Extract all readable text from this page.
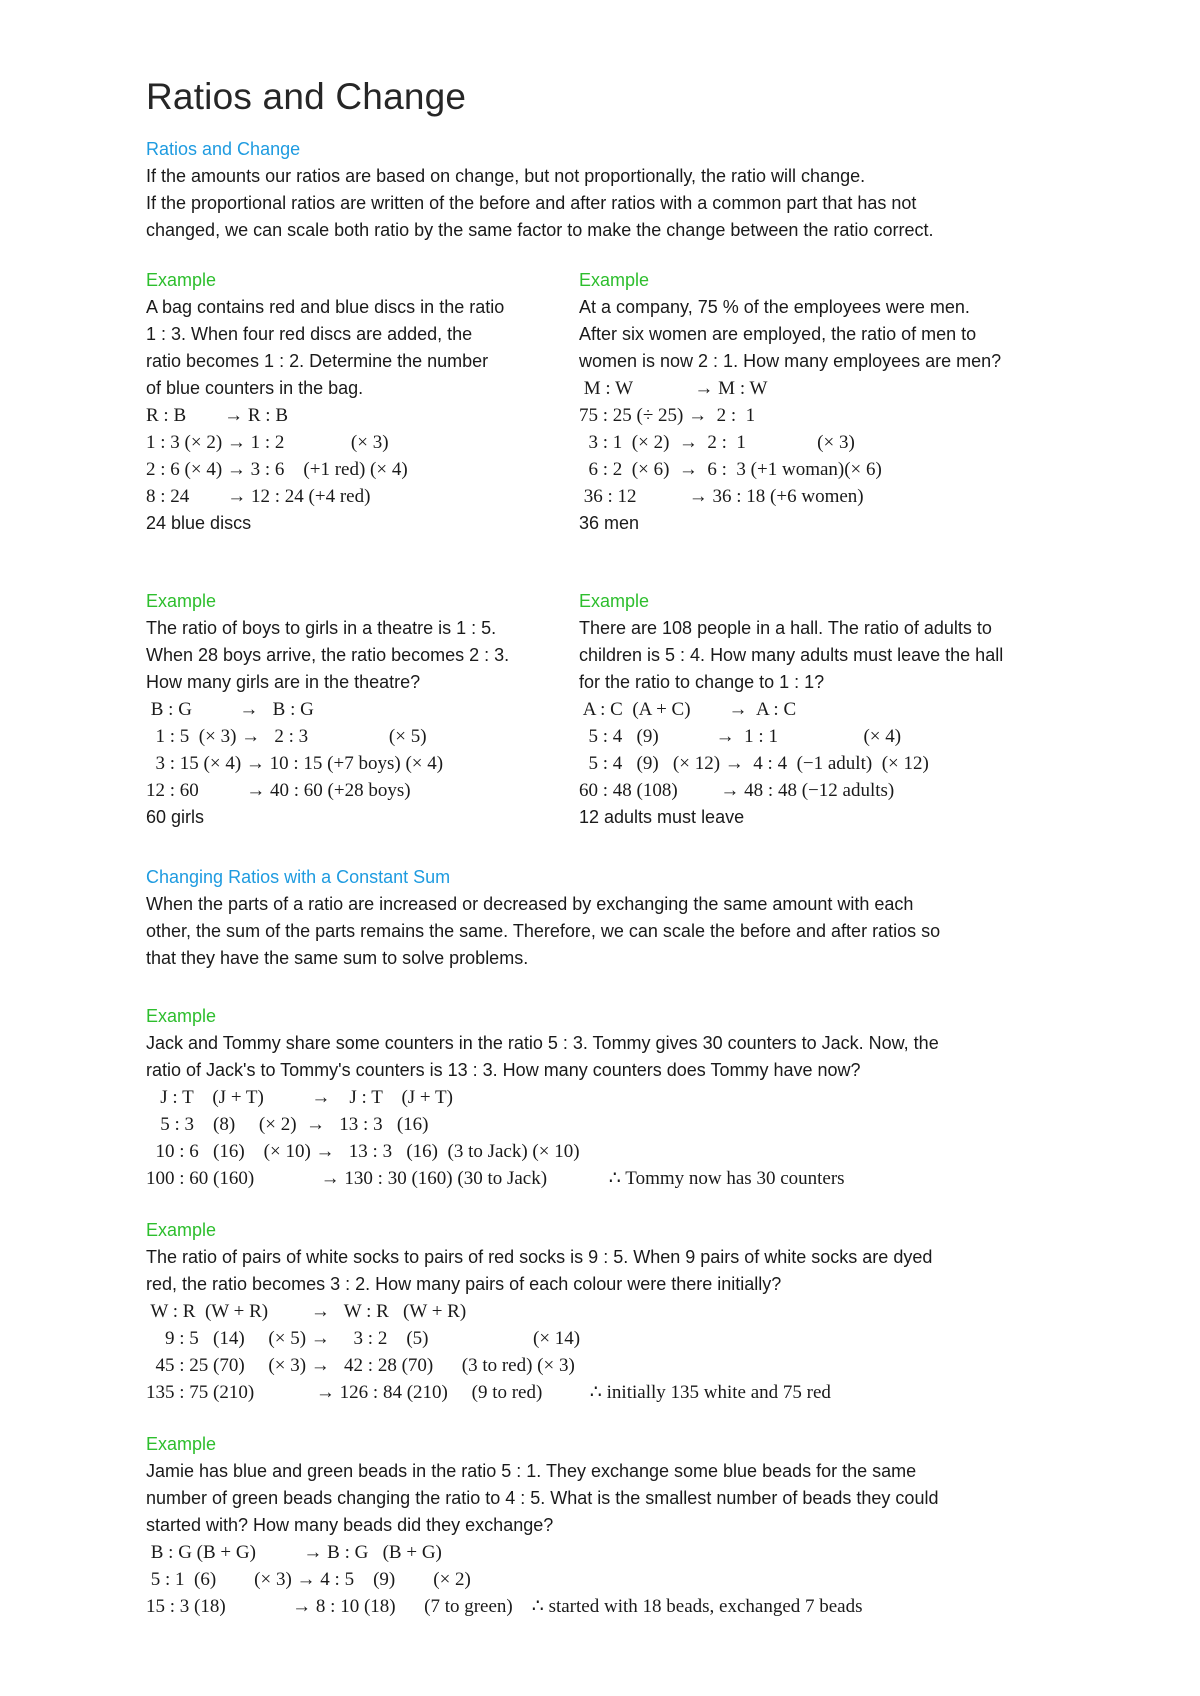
Ratios and Change
Ratios and Change
If the amounts our ratios are based on change, but not proportionally, the ratio will change.
If the proportional ratios are written of the before and after ratios with a common part that has not
changed, we can scale both ratio by the same factor to make the change between the ratio correct.
Example
A bag contains red and blue discs in the ratio
1 : 3. When four red discs are added, the
ratio becomes 1 : 2. Determine the number
of blue counters in the bag.
R : B        → R : B
1 : 3 (× 2) → 1 : 2              (× 3)
2 : 6 (× 4) → 3 : 6    (+1 red) (× 4)
8 : 24        → 12 : 24 (+4 red)
24 blue discs
Example
At a company, 75 % of the employees were men.
After six women are employed, the ratio of men to
women is now 2 : 1. How many employees are men?
M : W             → M : W
75 : 25 (÷ 25) →  2 :  1
3 : 1  (× 2)  →  2 :  1               (× 3)
6 : 2  (× 6)  →  6 :  3 (+1 woman)(× 6)
36 : 12           → 36 : 18 (+6 women)
36 men
Example
The ratio of boys to girls in a theatre is 1 : 5.
When 28 boys arrive, the ratio becomes 2 : 3.
How many girls are in the theatre?
B : G          →   B : G
1 : 5  (× 3) →   2 : 3                 (× 5)
3 : 15 (× 4) → 10 : 15 (+7 boys) (× 4)
12 : 60          → 40 : 60 (+28 boys)
60 girls
Example
There are 108 people in a hall. The ratio of adults to
children is 5 : 4. How many adults must leave the hall
for the ratio to change to 1 : 1?
A : C  (A + C)        →  A : C
5 : 4   (9)            →  1 : 1                  (× 4)
5 : 4   (9)   (× 12) →  4 : 4  (−1 adult)  (× 12)
60 : 48 (108)         → 48 : 48 (−12 adults)
12 adults must leave
Changing Ratios with a Constant Sum
When the parts of a ratio are increased or decreased by exchanging the same amount with each
other, the sum of the parts remains the same. Therefore, we can scale the before and after ratios so
that they have the same sum to solve problems.
Example
Jack and Tommy share some counters in the ratio 5 : 3. Tommy gives 30 counters to Jack. Now, the
ratio of Jack's to Tommy's counters is 13 : 3. How many counters does Tommy have now?
J : T    (J + T)          →    J : T    (J + T)
5 : 3    (8)     (× 2)  →   13 : 3   (16)
10 : 6   (16)    (× 10) →   13 : 3   (16)  (3 to Jack) (× 10)
100 : 60 (160)              → 130 : 30 (160) (30 to Jack)             ∴ Tommy now has 30 counters
Example
The ratio of pairs of white socks to pairs of red socks is 9 : 5. When 9 pairs of white socks are dyed
red, the ratio becomes 3 : 2. How many pairs of each colour were there initially?
W : R  (W + R)         →   W : R   (W + R)
9 : 5   (14)     (× 5) →     3 : 2    (5)                      (× 14)
45 : 25 (70)     (× 3) →   42 : 28 (70)      (3 to red) (× 3)
135 : 75 (210)             → 126 : 84 (210)     (9 to red)          ∴ initially 135 white and 75 red
Example
Jamie has blue and green beads in the ratio 5 : 1. They exchange some blue beads for the same
number of green beads changing the ratio to 4 : 5. What is the smallest number of beads they could
started with? How many beads did they exchange?
B : G (B + G)          → B : G   (B + G)
5 : 1  (6)        (× 3) → 4 : 5    (9)        (× 2)
15 : 3 (18)              → 8 : 10 (18)      (7 to green)    ∴ started with 18 beads, exchanged 7 beads
